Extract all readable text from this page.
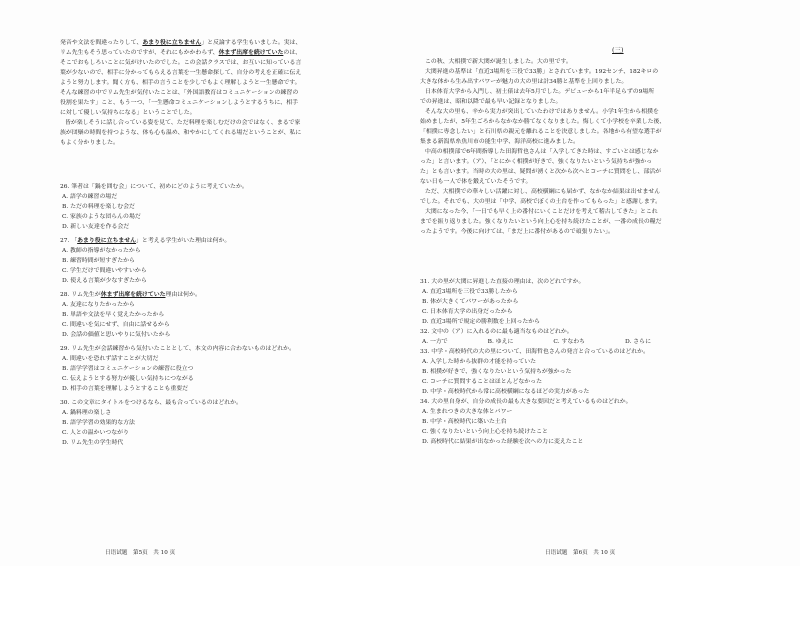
発音や文法を間違ったりして、あまり役に立ちません」と反論する学生もいました。実は、
リム先生もそう思っていたのですが、それにもかかわらず、休まず出席を続けていたのは、
そこでおもしろいことに気がけいたのでした。この会話クラスでは、お互いに知っている言
葉が少ないので、相手に分かってもらえる言葉を一生懸命探して、自分の考えを正確に伝え
ようと努力します。聞く方も、相手の言うことを少しでもよく理解しようと一生懸命です。
そんな練習の中でリム先生が気付いたことは、「外国語教育はコミュニケーションの練習の
役割を果たす」こと、もう一つ、「一生懸命コミュニケーションしようとするうちに、相手
に対して優しい気持ちになる」ということでした。
皆が楽しそうに話し合っている姿を見て、ただ料理を楽しむだけの会ではなく、まるで家
族が団欒の時間を持つような、体も心も温め、和やかにしてくれる場だということが、私に
もよく分かりました。

26. 筆者は「鍋を囲む会」について、初めにどのように考えていたか。

A. 語学の練習の場だ

B. ただの料理を楽しむ会だ

C. 家族のような団らんの場だ

D. 新しい友達を作る会だ

27. 「あまり役に立ちません」と考える学生がいた理由は何か。

A. 教師の指導がなかったから

B. 練習時間が短すぎたから

C. 学生だけで間違いやすいから

D. 使える言葉が少なすぎたから

28. リム先生が休まず出席を続けていた理由は何か。

A. 友達になりたかったから

B. 単語や文法を早く覚えたかったから

C. 間違いを気にせず、自由に話せるから

D. 会話の価値と思いやりに気付いたから

29. リム先生が会話練習から気付いたこととして、本文の内容に合わないものはどれか。

A. 間違いを恐れず話すことが大切だ

B. 語学学習はコミュニケーションの練習に役立つ

C. 伝えようとする努力が優しい気持ちにつながる

D. 相手の言葉を理解しようとすることも重要だ

30. この文章にタイトルをつけるなら、最も合っているのはどれか。

A. 鍋料理の楽しさ

B. 語学学習の効果的な方法

C. 人との温かいつながり

D. リム先生の学生時代

日语试题　第5页　共 10 页
(三)
この秋、大相撲で新大関が誕生しました。大の里です。
大関昇進の基準は「直近3場所を三役で33勝」とされています。192センチ、182キロの
大きな体から生み出すパワーが魅力の大の里は計34勝と基準を上回りました。
日本体育大学から入門し、初土俵は去年5月でした。デビューから1年半足らずの9場所
での昇進は、昭和以降で最も早い記録となりました。
そんな大の里も、辛から実力が突出していたわけではありません。小学1年生から相撲を
始めましたが、5年生ごろからなかなか勝てなくなりました。悔しくて小学校を卒業した後、
「相撲に専念したい」と石川県の親元を離れることを決意しました。各地から有望な選手が
集まる新潟県糸魚川市の能生中学、海洋高校に進みました。
中高の相撲部で6年間指導した田海哲也さんは「入学してきた時は、すごいとは感じなか
った」と言います。（ア）、「とにかく相撲が好きで、強くなりたいという気持ちが強かっ
た」とも言います。当時の大の里は、疑問が湧くと次から次へとコーチに質問をし、部活が
ない日も一人で体を鍛えていたそうです。
ただ、大相撲での華々しい活躍に対し、高校横綱にも届かず、なかなか結果は出せません
でした。それでも、大の里は「中学、高校でぼくの土台を作ってもらった」と感謝します。
大関になった今、「一日でも早く上の番付にいくことだけを考えて稽古してきた」とこれ
までを振り返りました。強くなりたいという向上心を持ち続けたことが、一番の成長の糧だ
ったようです。今後に向けては、「まだ上に番付があるので頑張りたい」。

31. 大の里が大関に昇進した直接の理由は、次のどれですか。

A. 直近3場所を三役で33勝したから

B. 体が大きくてパワーがあったから

C. 日本体育大学の出身だったから

D. 直近3場所で規定の勝利数を上回ったから

32. 文中の（ア）に入れるのに最も適当なものはどれか。

A. 一方で	B. ゆえに	C. すなわち	D. さらに

33. 中学・高校時代の大の里について、田海哲也さんの発言と合っているのはどれか。

A. 入学した時から抜群の才能を持っていた

B. 相撲が好きで、強くなりたいという気持ちが強かった

C. コーチに質問することはほとんどなかった

D. 中学・高校時代から常に高校横綱になるほどの実力があった

34. 大の里自身が、自分の成長の最も大きな要因だと考えているものはどれか。

A. 生まれつきの大きな体とパワー

B. 中学・高校時代に築いた土台

C. 強くなりたいという向上心を持ち続けたこと

D. 高校時代に結果が出なかった経験を次への力に変えたこと

日语试题　第6页　共 10 页
